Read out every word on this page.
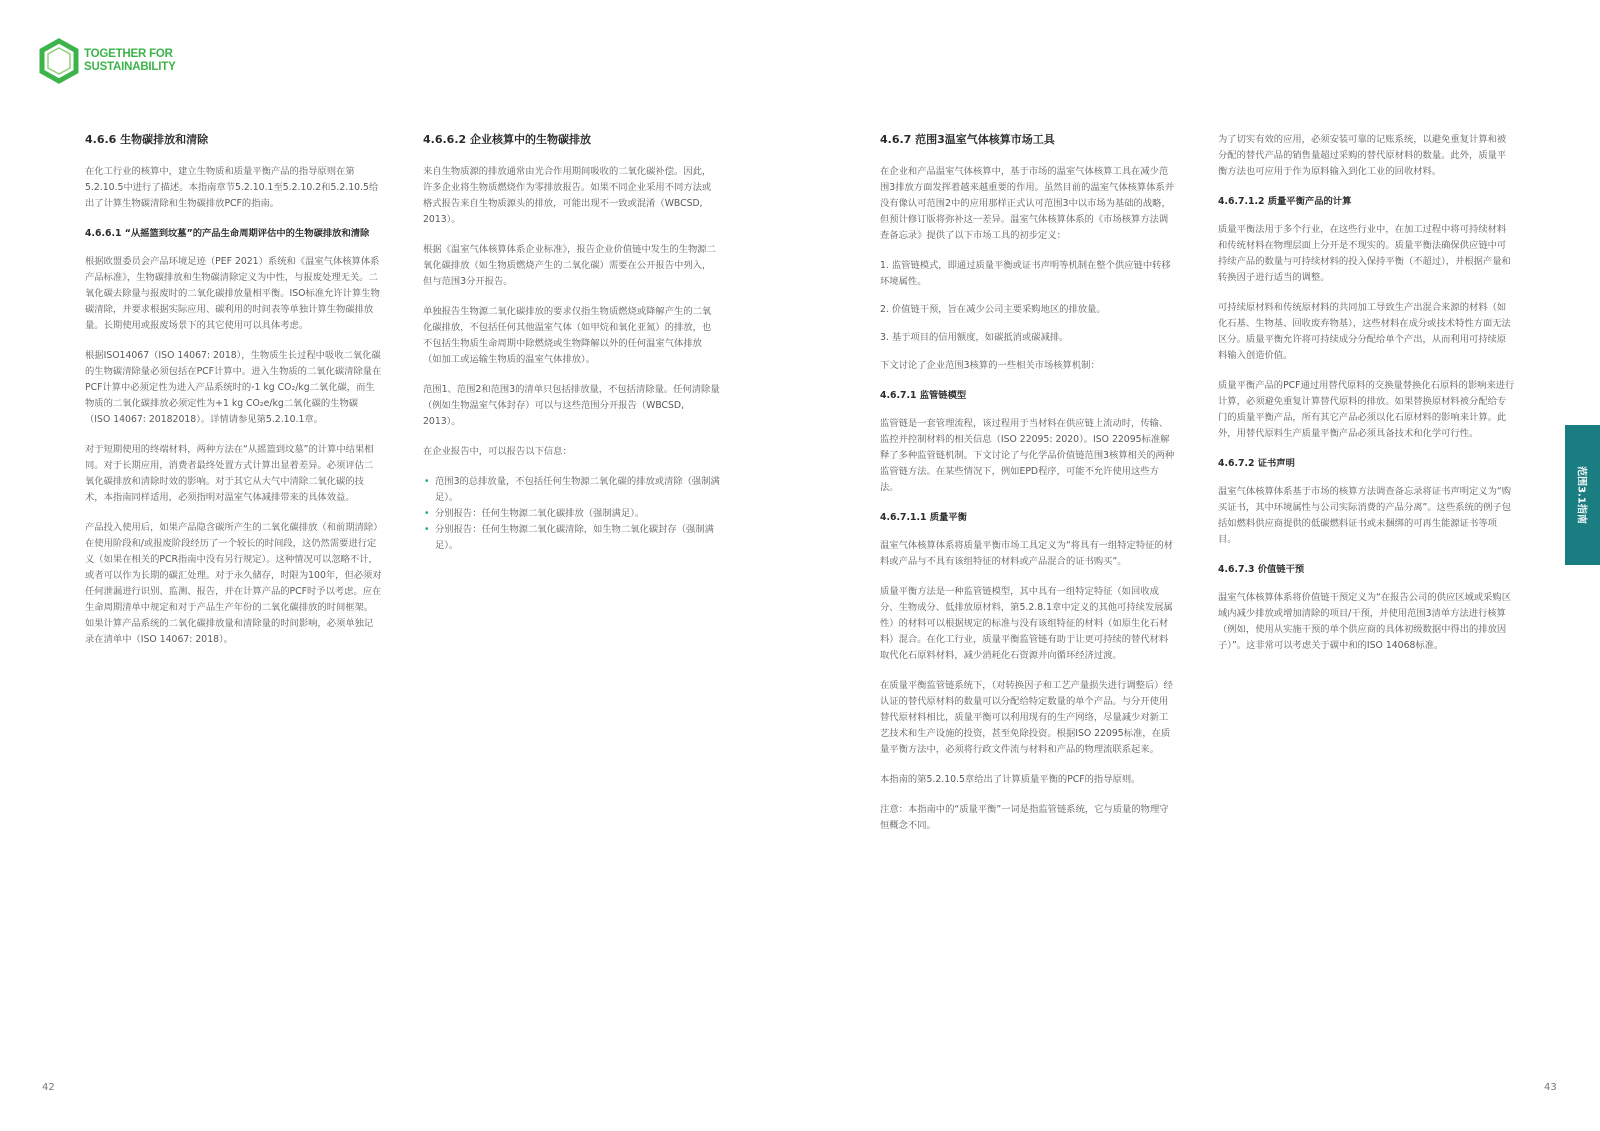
TOGETHER FOR
SUSTAINABILITY
4.6.6 生物碳排放和清除

在化工行业的核算中，建立生物质和质量平衡产品的指导原则在第5.2.10.5中进行了描述。本指南章节5.2.10.1至5.2.10.2和5.2.10.5给出了计算生物碳清除和生物碳排放PCF的指南。

4.6.6.1 “从摇篮到坟墓”的产品生命周期评估中的生物碳排放和清除

根据欧盟委员会产品环境足迹（PEF 2021）系统和《温室气体核算体系产品标准》，生物碳排放和生物碳清除定义为中性，与报废处理无关。二氧化碳去除量与报废时的二氧化碳排放量相平衡。ISO标准允许计算生物碳清除，并要求根据实际应用、碳利用的时间表等单独计算生物碳排放量。长期使用或报废场景下的其它使用可以具体考虑。

根据ISO14067（ISO 14067: 2018），生物质生长过程中吸收二氧化碳的生物碳清除量必须包括在PCF计算中。进入生物质的二氧化碳清除量在PCF计算中必须定性为进入产品系统时的-1 kg CO₂/kg二氧化碳，而生物质的二氧化碳排放必须定性为+1 kg CO₂e/kg二氧化碳的生物碳（ISO 14067: 20182018）。详情请参见第5.2.10.1章。

对于短期使用的终端材料，两种方法在“从摇篮到坟墓”的计算中结果相同。对于长期应用，消费者最终处置方式计算出显着差异。必须评估二氧化碳排放和清除时效的影响。对于其它从大气中清除二氧化碳的技术，本指南同样适用，必须指明对温室气体减排带来的具体效益。

产品投入使用后，如果产品隐含碳所产生的二氧化碳排放（和前期清除）在使用阶段和/或报废阶段经历了一个较长的时间段，这仍然需要进行定义（如果在相关的PCR指南中没有另行规定）。这种情况可以忽略不计，或者可以作为长期的碳汇处理。对于永久储存，时限为100年，但必须对任何泄漏进行识别、监测、报告，并在计算产品的PCF时予以考虑。应在生命周期清单中规定和对于产品生产年份的二氧化碳排放的时间框架。如果计算产品系统的二氧化碳排放量和清除量的时间影响，必须单独记录在清单中（ISO 14067: 2018）。

4.6.6.2 企业核算中的生物碳排放

来自生物质源的排放通常由光合作用期间吸收的二氧化碳补偿。因此，许多企业将生物质燃烧作为零排放报告。如果不同企业采用不同方法或格式报告来自生物质源头的排放，可能出现不一致或混淆（WBCSD, 2013）。

根据《温室气体核算体系企业标准》，报告企业价值链中发生的生物源二氧化碳排放（如生物质燃烧产生的二氧化碳）需要在公开报告中列入，但与范围3分开报告。

单独报告生物源二氧化碳排放的要求仅指生物质燃烧或降解产生的二氧化碳排放，不包括任何其他温室气体（如甲烷和氧化亚氮）的排放，也不包括生物质生命周期中除燃烧或生物降解以外的任何温室气体排放（如加工或运输生物质的温室气体排放）。

范围1、范围2和范围3的清单只包括排放量，不包括清除量。任何清除量（例如生物温室气体封存）可以与这些范围分开报告（WBCSD, 2013）。

在企业报告中，可以报告以下信息：

• 范围3的总排放量，不包括任何生物源二氧化碳的排放或清除（强制满足）。
• 分别报告：任何生物源二氧化碳排放（强制满足）。
• 分别报告：任何生物源二氧化碳清除，如生物二氧化碳封存（强制满足）。
4.6.7 范围3温室气体核算市场工具

在企业和产品温室气体核算中，基于市场的温室气体核算工具在减少范围3排放方面发挥着越来越重要的作用。虽然目前的温室气体核算体系并没有像认可范围2中的应用那样正式认可范围3中以市场为基础的战略，但预计修订版将弥补这一差异。温室气体核算体系的《市场核算方法调查备忘录》提供了以下市场工具的初步定义：

1. 监管链模式，即通过质量平衡或证书声明等机制在整个供应链中转移环境属性。
2. 价值链干预，旨在减少公司主要采购地区的排放量。
3. 基于项目的信用额度，如碳抵消或碳减排。

下文讨论了企业范围3核算的一些相关市场核算机制：

4.6.7.1 监管链模型

监管链是一套管理流程，该过程用于当材料在供应链上流动时，传输、监控并控制材料的相关信息（ISO 22095: 2020）。ISO 22095标准解释了多种监管链机制。下文讨论了与化学品价值链范围3核算相关的两种监管链方法。在某些情况下，例如EPD程序，可能不允许使用这些方法。

4.6.7.1.1 质量平衡

温室气体核算体系将质量平衡市场工具定义为“将具有一组特定特征的材料或产品与不具有该组特征的材料或产品混合的证书购买”。

质量平衡方法是一种监管链模型，其中具有一组特定特征（如回收成分、生物成分、低排放原材料，第5.2.8.1章中定义的其他可持续发展属性）的材料可以根据规定的标准与没有该组特征的材料（如原生化石材料）混合。在化工行业，质量平衡监管链有助于让更可持续的替代材料取代化石原料材料，减少消耗化石资源并向循环经济过渡。

在质量平衡监管链系统下，（对转换因子和工艺产量损失进行调整后）经认证的替代原材料的数量可以分配给特定数量的单个产品。与分开使用替代原材料相比，质量平衡可以利用现有的生产网络，尽量减少对新工艺技术和生产设施的投资，甚至免除投资。根据ISO 22095标准，在质量平衡方法中，必须将行政文件流与材料和产品的物理流联系起来。

本指南的第5.2.10.5章给出了计算质量平衡的PCF的指导原则。

注意：本指南中的“质量平衡”一词是指监管链系统，它与质量的物理守恒概念不同。

为了切实有效的应用，必须安装可靠的记账系统，以避免重复计算和被分配的替代产品的销售量超过采购的替代原材料的数量。此外，质量平衡方法也可应用于作为原料输入到化工业的回收材料。

4.6.7.1.2 质量平衡产品的计算

质量平衡法用于多个行业，在这些行业中，在加工过程中将可持续材料和传统材料在物理层面上分开是不现实的。质量平衡法确保供应链中可持续产品的数量与可持续材料的投入保持平衡（不超过），并根据产量和转换因子进行适当的调整。

可持续原材料和传统原材料的共同加工导致生产出混合来源的材料（如化石基、生物基、回收废弃物基），这些材料在成分或技术特性方面无法区分。质量平衡允许将可持续成分分配给单个产出，从而利用可持续原料输入创造价值。

质量平衡产品的PCF通过用替代原料的交换量替换化石原料的影响来进行计算，必须避免重复计算替代原料的排放。如果替换原材料被分配给专门的质量平衡产品，所有其它产品必须以化石原材料的影响来计算。此外，用替代原料生产质量平衡产品必须具备技术和化学可行性。

4.6.7.2 证书声明

温室气体核算体系基于市场的核算方法调查备忘录将证书声明定义为“购买证书，其中环境属性与公司实际消费的产品分离”。这些系统的例子包括如燃料供应商提供的低碳燃料证书或未捆绑的可再生能源证书等项目。

4.6.7.3 价值链干预

温室气体核算体系将价值链干预定义为“在报告公司的供应区域或采购区域内减少排放或增加清除的项目/干预，并使用范围3清单方法进行核算（例如，使用从实施干预的单个供应商的具体初级数据中得出的排放因子）”。这非常可以考虑关于碳中和的ISO 14068标准。

范围3.1指南
42	43
